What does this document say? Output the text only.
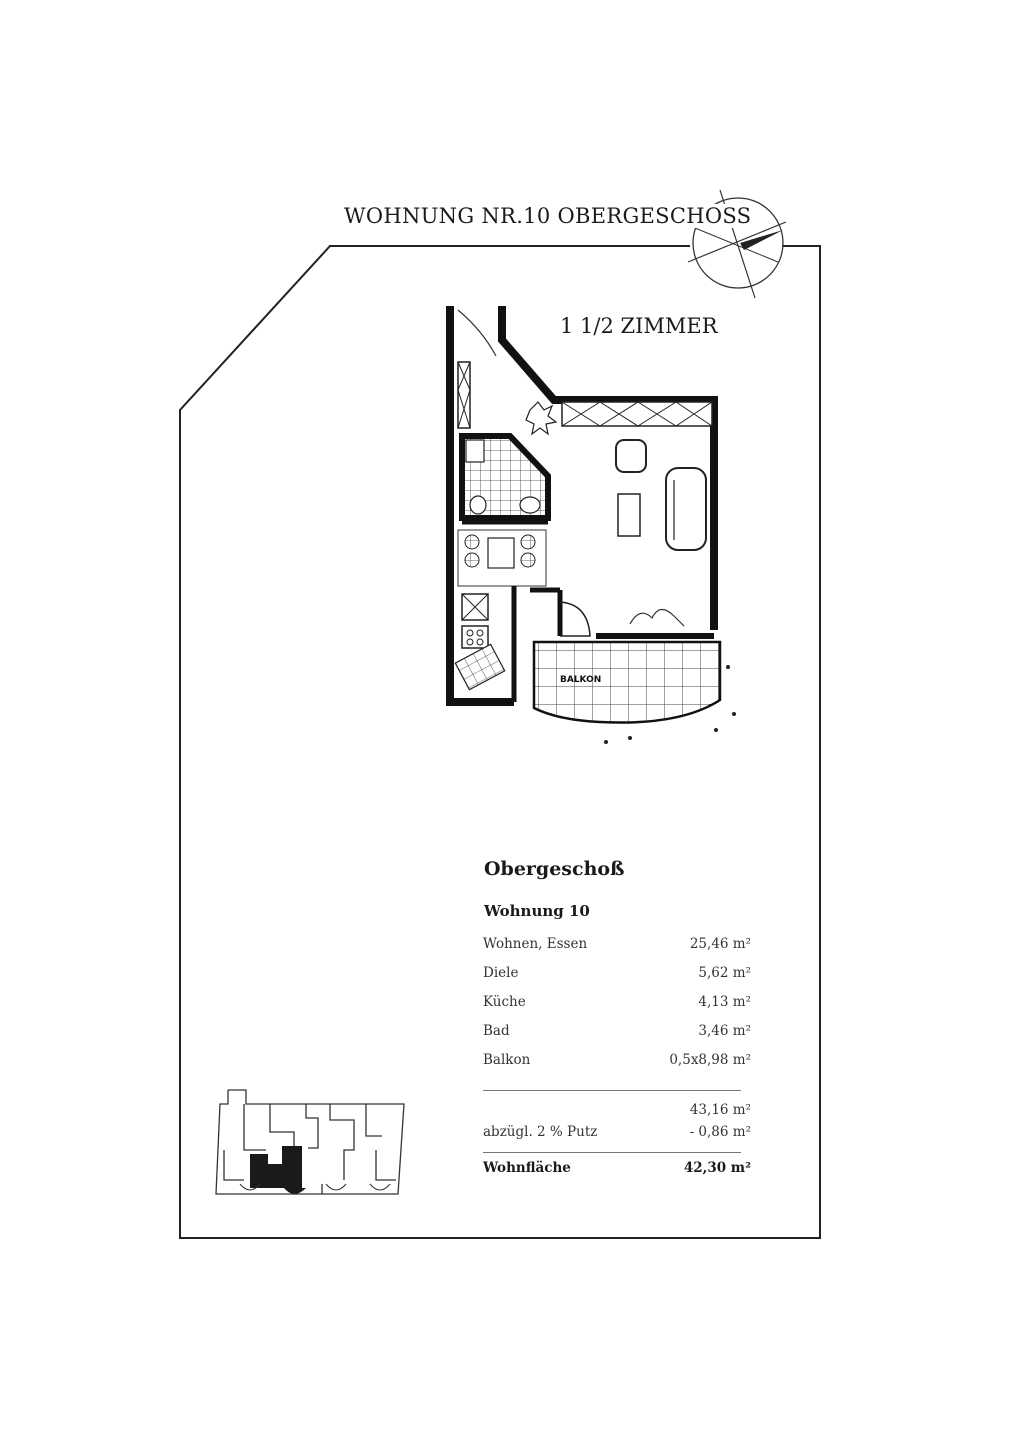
WOHNUNG NR.10 OBERGESCHOSS
BALKON
1 1/2 ZIMMER
Obergeschoß
Wohnung 10
Wohnen, Essen	25,46 m²
Diele	5,62 m²
Küche	4,13 m²
Bad	3,46 m²
Balkon	0,5x8,98 m²
43,16 m²
abzügl. 2 % Putz	- 0,86 m²
Wohnfläche	42,30 m²
